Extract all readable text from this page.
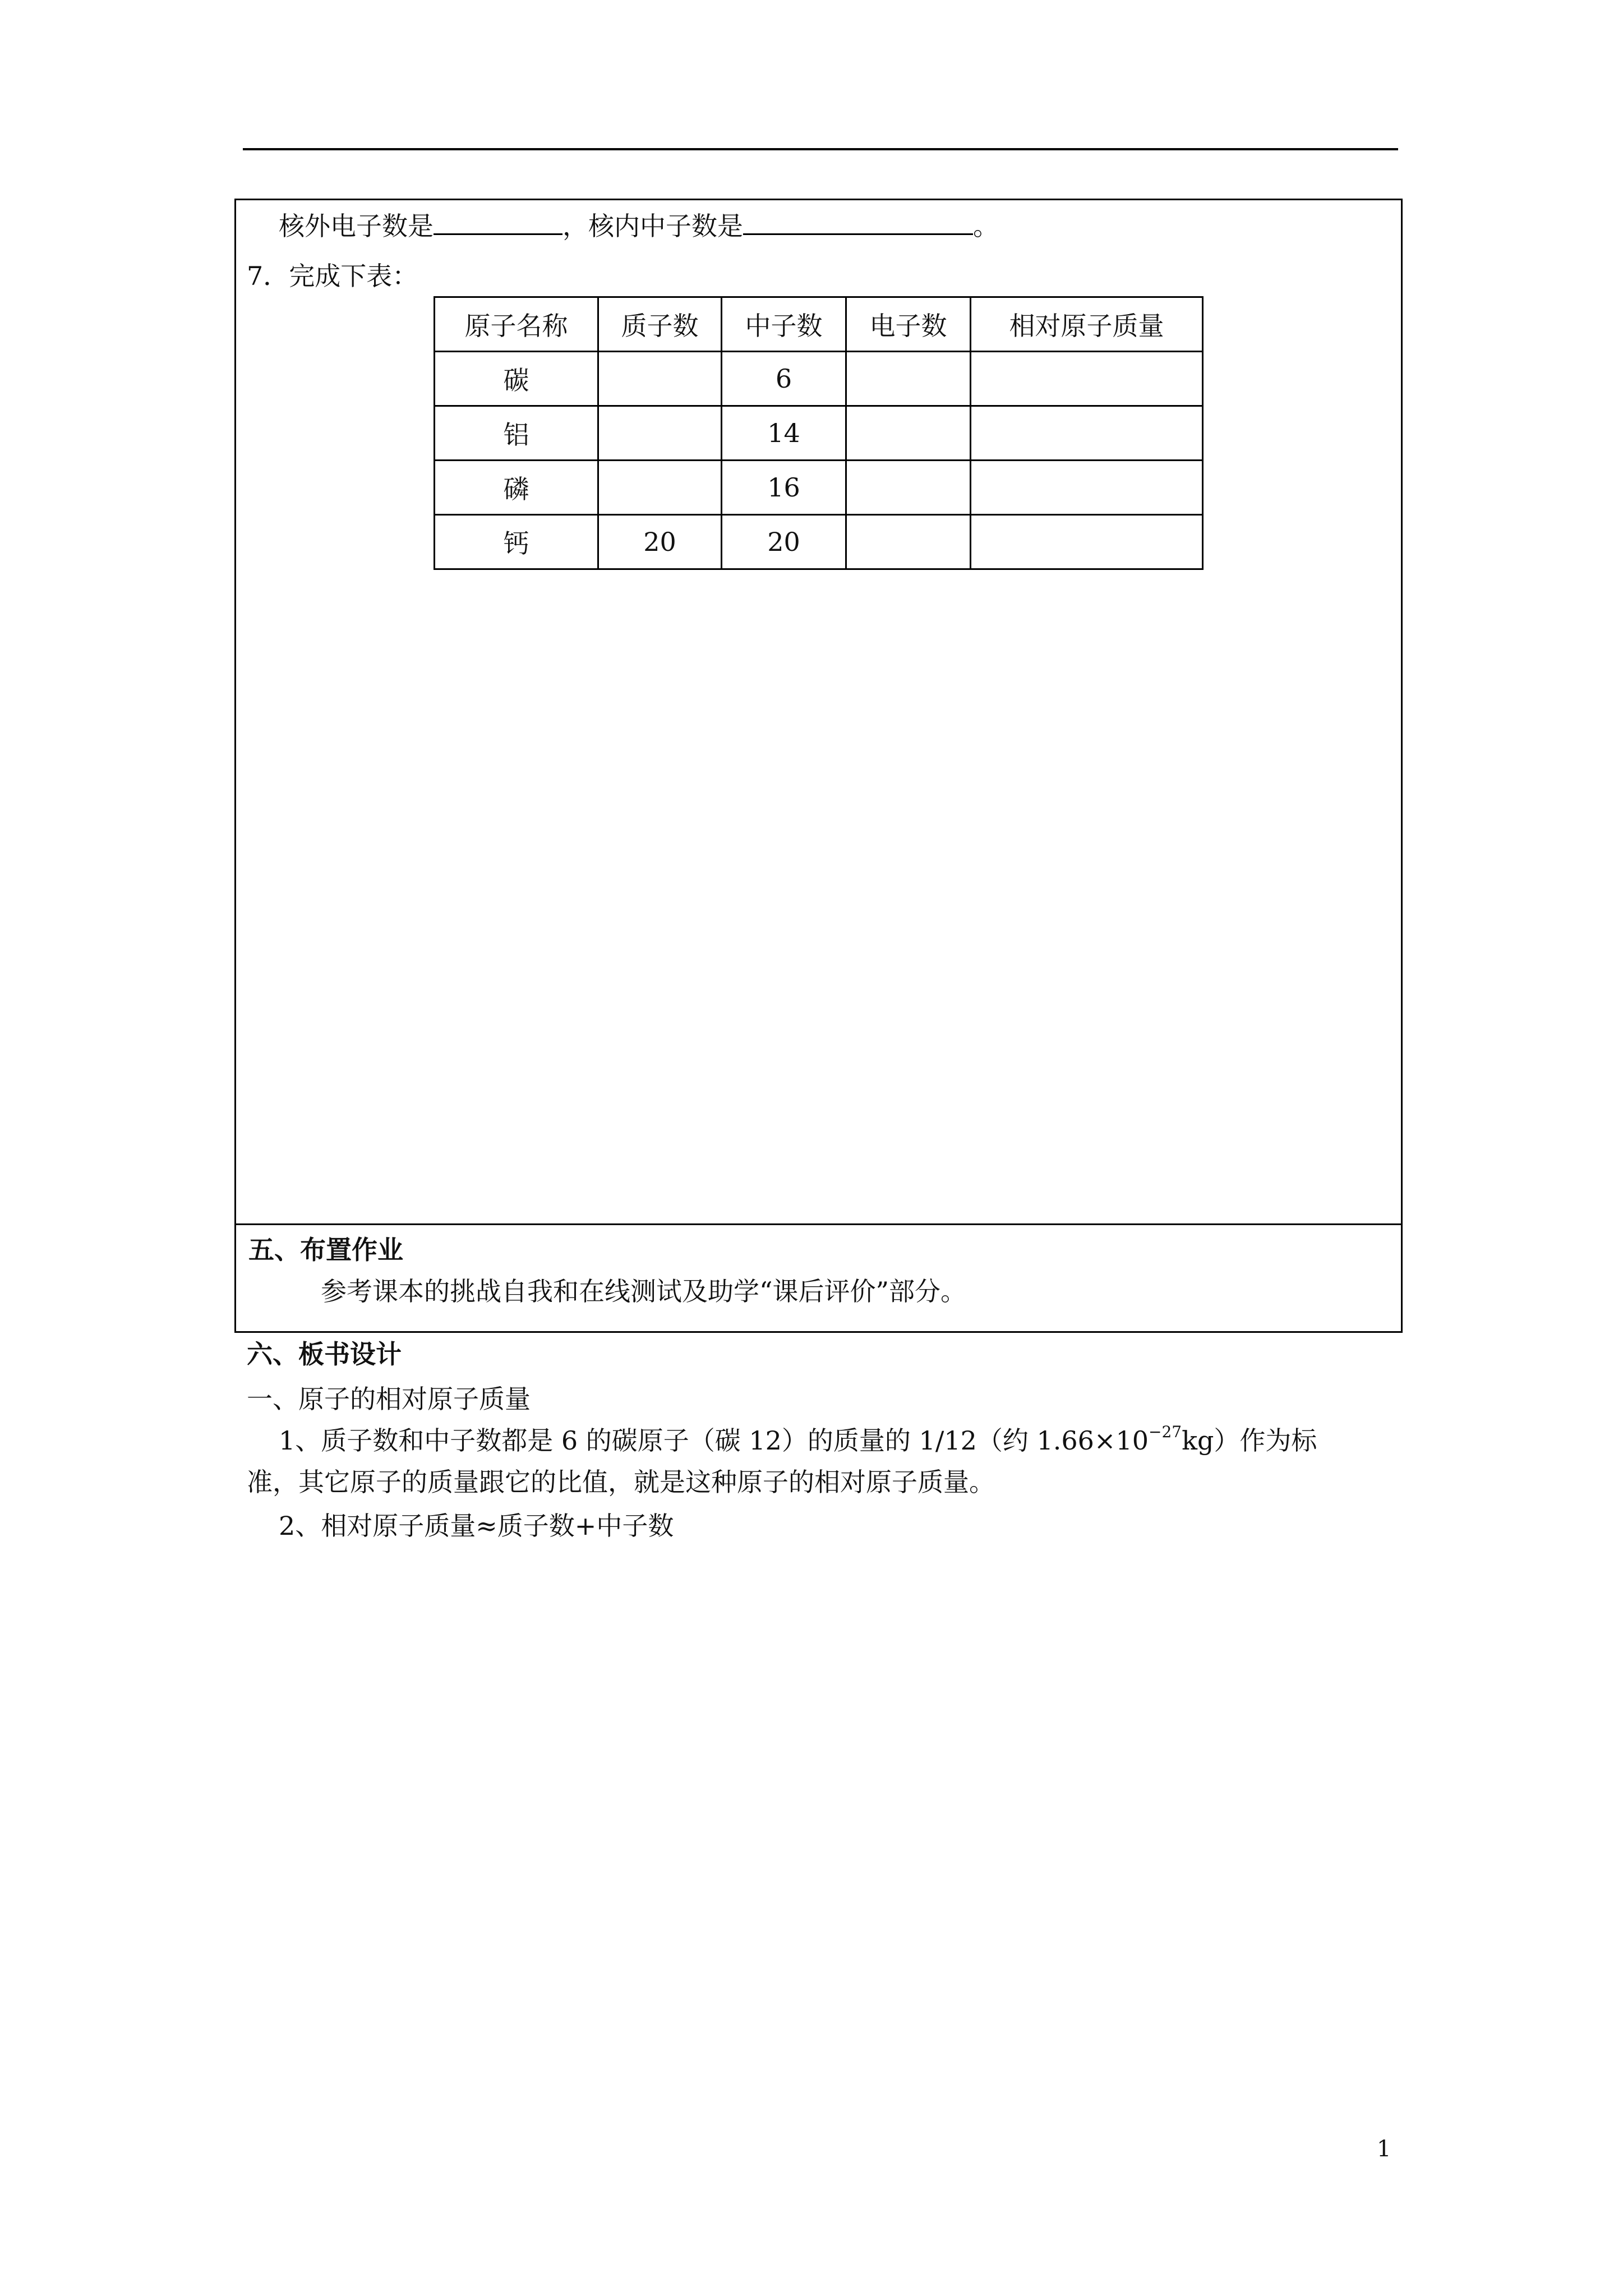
核外电子数是	，核内中子数是	。
7．完成下表：
原子名称	质子数	中子数	电子数	相对原子质量
碳		6		
铝		14		
磷		16		
钙	20	20		
五、布置作业
参考课本的挑战自我和在线测试及助学“课后评价”部分。
六、板书设计
一、原子的相对原子质量
1、质子数和中子数都是 6 的碳原子（碳 12）的质量的 1/12（约 $1.66\times 10^{-27}kg$）作为标
准，其它原子的质量跟它的比值，就是这种原子的相对原子质量。
2、相对原子质量≈质子数+中子数
1
